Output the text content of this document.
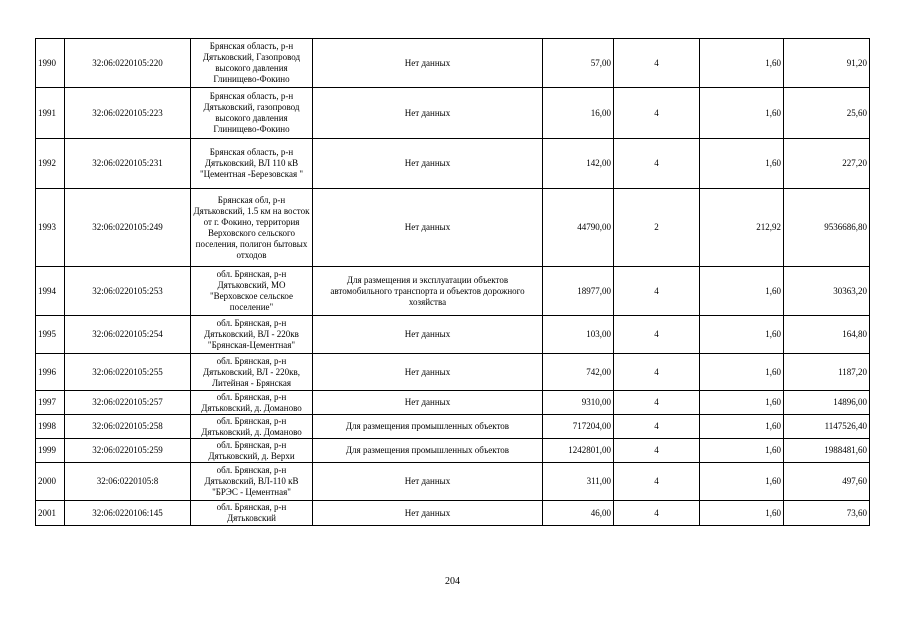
1990	32:06:0220105:220	Брянская область, р-н Дятьковский, Газопровод высокого давления Глинищево-Фокино	Нет данных	57,00	4	1,60	91,20
1991	32:06:0220105:223	Брянская область, р-н Дятьковский, газопровод высокого давления Глинищево-Фокино	Нет данных	16,00	4	1,60	25,60
1992	32:06:0220105:231	Брянская область, р-н Дятьковский, ВЛ 110 кВ "Цементная -Березовская "	Нет данных	142,00	4	1,60	227,20
1993	32:06:0220105:249	Брянская обл, р-н Дятьковский, 1.5 км на восток от г. Фокино, территория Верховского сельского поселения, полигон бытовых отходов	Нет данных	44790,00	2	212,92	9536686,80
1994	32:06:0220105:253	обл. Брянская, р-н Дятьковский, МО "Верховское сельское поселение"	Для размещения и эксплуатации объектов автомобильного транспорта и объектов дорожного хозяйства	18977,00	4	1,60	30363,20
1995	32:06:0220105:254	обл. Брянская, р-н Дятьковский, ВЛ - 220кв "Брянская-Цементная"	Нет данных	103,00	4	1,60	164,80
1996	32:06:0220105:255	обл. Брянская, р-н Дятьковский, ВЛ - 220кв, Литейная - Брянская	Нет данных	742,00	4	1,60	1187,20
1997	32:06:0220105:257	обл. Брянская, р-н Дятьковский, д. Доманово	Нет данных	9310,00	4	1,60	14896,00
1998	32:06:0220105:258	обл. Брянская, р-н Дятьковский, д. Доманово	Для размещения промышленных объектов	717204,00	4	1,60	1147526,40
1999	32:06:0220105:259	обл. Брянская, р-н Дятьковский, д. Верхи	Для размещения промышленных объектов	1242801,00	4	1,60	1988481,60
2000	32:06:0220105:8	обл. Брянская, р-н Дятьковский, ВЛ-110 кВ "БРЭС - Цементная"	Нет данных	311,00	4	1,60	497,60
2001	32:06:0220106:145	обл. Брянская, р-н Дятьковский	Нет данных	46,00	4	1,60	73,60
204
